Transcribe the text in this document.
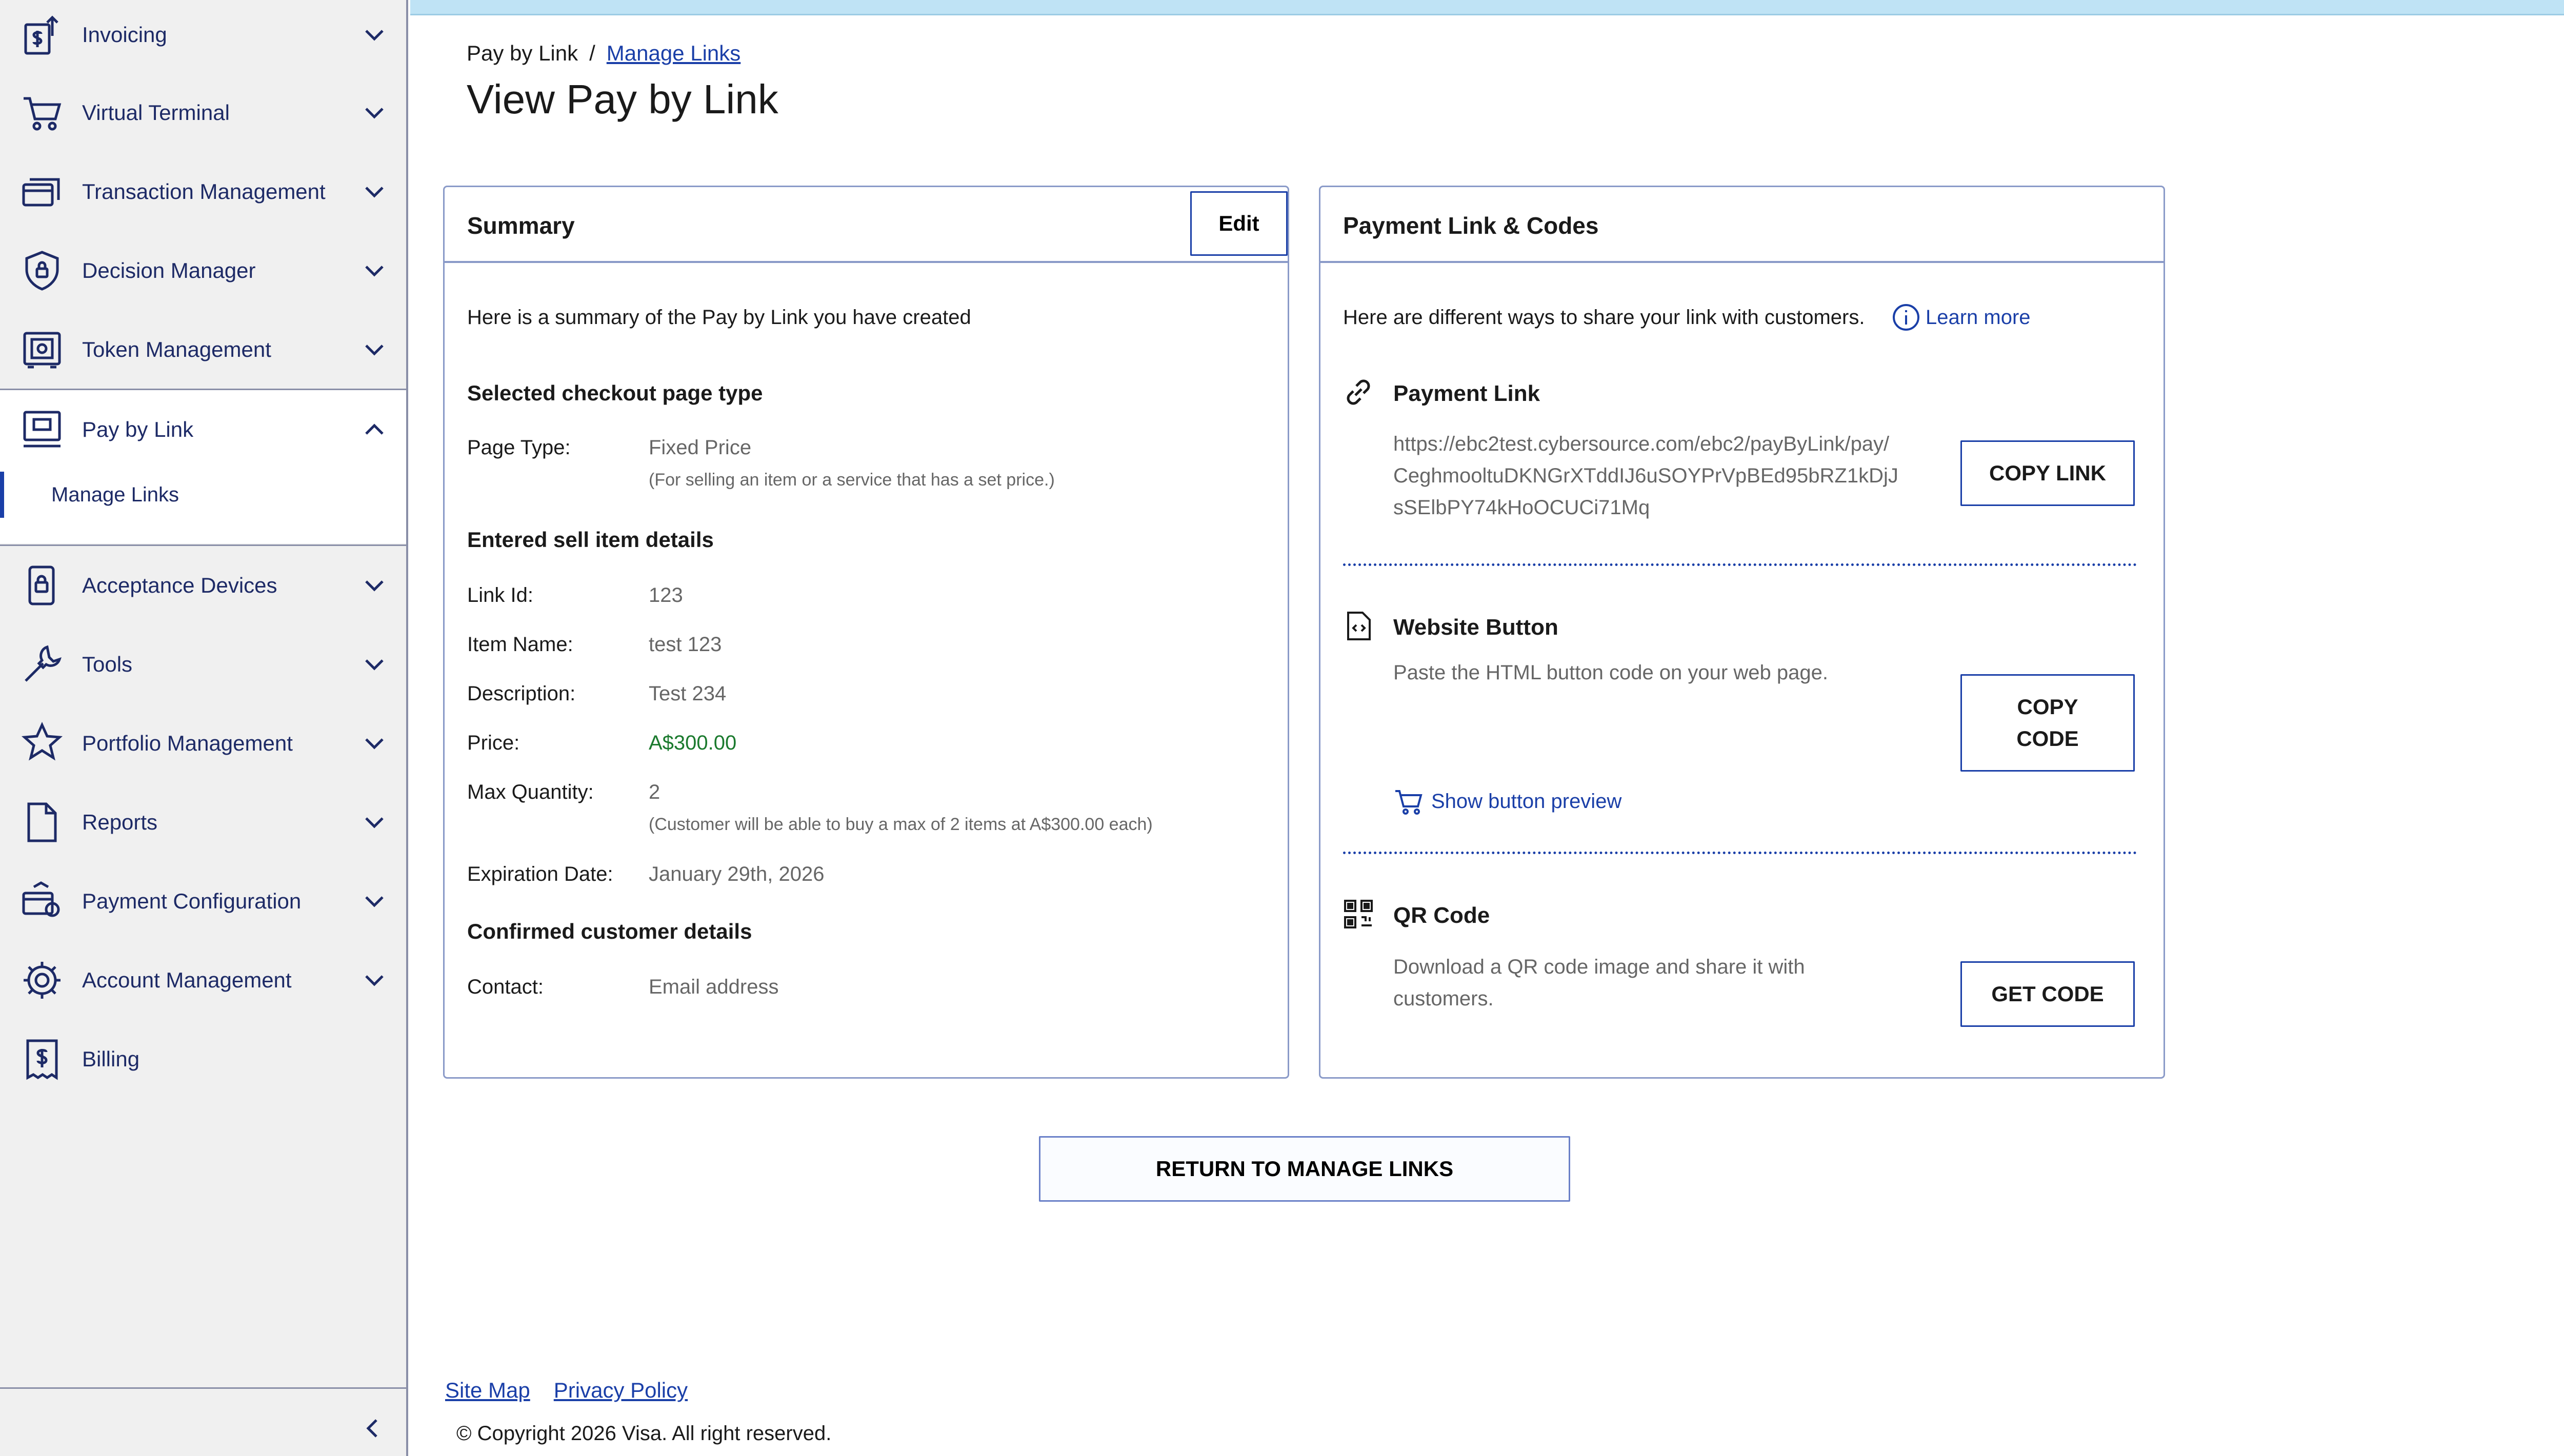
Invoicing
Virtual Terminal
Transaction Management
Decision Manager
Token Management
Pay by Link
Manage Links
Acceptance Devices
Tools
Portfolio Management
Reports
Payment Configuration
Account Management
Billing
Pay by Link / Manage Links
View Pay by Link
Summary	Edit
Here is a summary of the Pay by Link you have created
Selected checkout page type
Page Type:	Fixed Price
(For selling an item or a service that has a set price.)
Entered sell item details
Link Id:	123
Item Name:	test 123
Description:	Test 234
Price:	A$300.00
Max Quantity:	2
(Customer will be able to buy a max of 2 items at A$300.00 each)
Expiration Date: January 29th, 2026
Confirmed customer details
Contact:	Email address
Payment Link & Codes
Here are different ways to share your link with customers.	Learn more
Payment Link
https://ebc2test.cybersource.com/ebc2/payByLink/pay/
CeghmooltuDKNGrXTddIJ6uSOYPrVpBEd95bRZ1kDjJ
sSElbPY74kHoOCUCi71Mq
COPY LINK
Website Button
Paste the HTML button code on your web page.
COPY
CODE
Show button preview
QR Code
Download a QR code image and share it with
customers.	GET CODE
RETURN TO MANAGE LINKS
Site Map Privacy Policy
© Copyright 2026 Visa. All right reserved.
